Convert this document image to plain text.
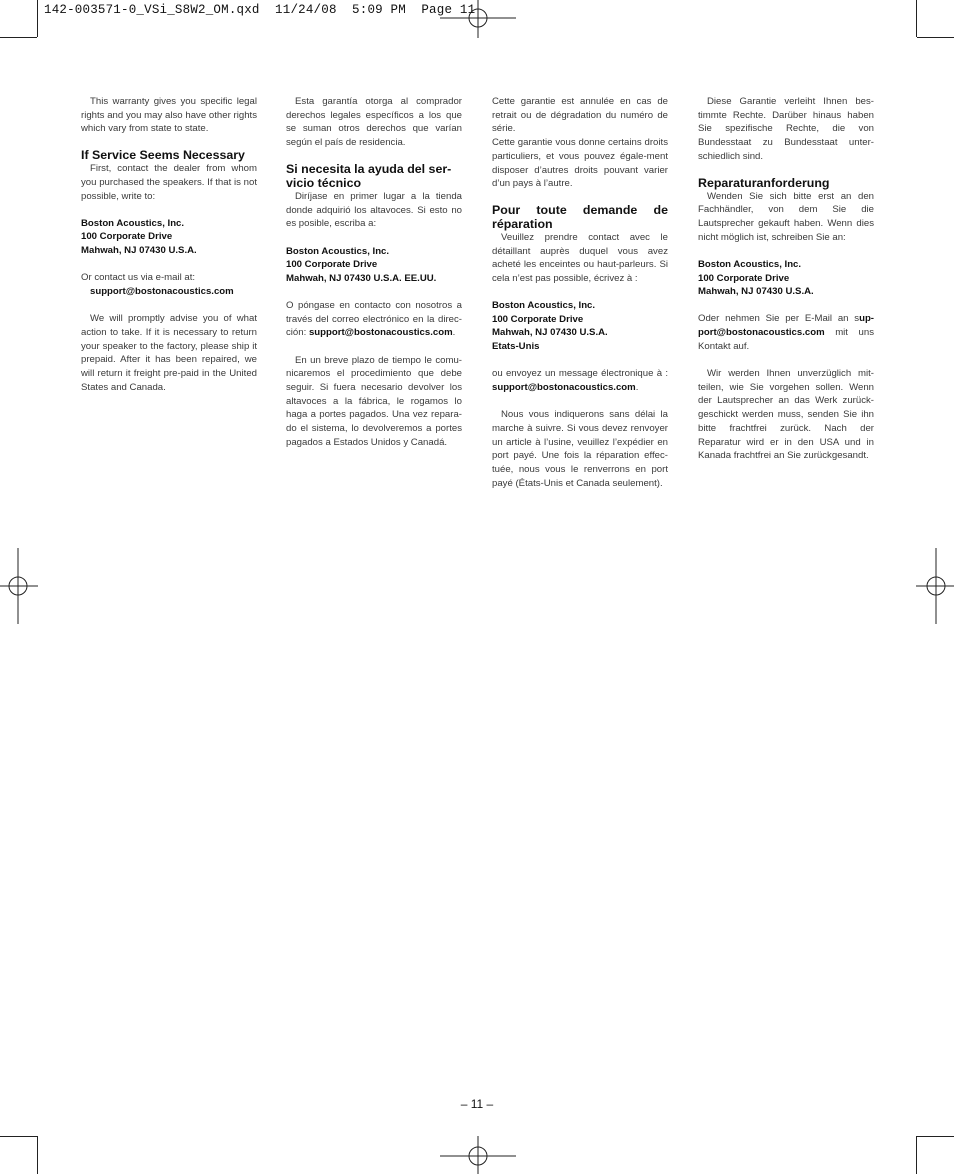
142-003571-0_VSi_S8W2_OM.qxd  11/24/08  5:09 PM  Page 11

This warranty gives you specific legal rights and you may also have other rights which vary from state to state.

If Service Seems Necessary

First, contact the dealer from whom you purchased the speakers. If that is not possible, write to:

Boston Acoustics, Inc.
100 Corporate Drive
Mahwah, NJ 07430 U.S.A.

Or contact us via e-mail at:

support@bostonacoustics.com

We will promptly advise you of what action to take. If it is necessary to return your speaker to the factory, please ship it prepaid. After it has been repaired, we will return it freight pre-paid in the United States and Canada.

Esta garantía otorga al comprador derechos legales específicos a los que se suman otros derechos que varían según el país de residencia.

Si necesita la ayuda del ser-vicio técnico

Diríjase en primer lugar a la tienda donde adquirió los altavoces. Si esto no es posible, escriba a:

Boston Acoustics, Inc.
100 Corporate Drive
Mahwah, NJ 07430 U.S.A. EE.UU.

O póngase en contacto con nosotros a través del correo electrónico en la direc-ción: support@bostonacoustics.com.

En un breve plazo de tiempo le comu-nicaremos el procedimiento que debe seguir. Si fuera necesario devolver los altavoces a la fábrica, le rogamos lo haga a portes pagados. Una vez repara-do el sistema, lo devolveremos a portes pagados a Estados Unidos y Canadá.

Cette garantie est annulée en cas de retrait ou de dégradation du numéro de série.

Cette garantie vous donne certains droits particuliers, et vous pouvez égale-ment disposer d’autres droits pouvant varier d’un pays à l’autre.

Pour toute demande de réparation

Veuillez prendre contact avec le détaillant auprès duquel vous avez acheté les enceintes ou haut-parleurs. Si cela n’est pas possible, écrivez à :

Boston Acoustics, Inc.
100 Corporate Drive
Mahwah, NJ 07430 U.S.A.
Etats-Unis

ou envoyez un message électronique à : support@bostonacoustics.com.

Nous vous indiquerons sans délai la marche à suivre. Si vous devez renvoyer un article à l’usine, veuillez l’expédier en port payé. Une fois la réparation effec-tuée, nous vous le renverrons en port payé (États-Unis et Canada seulement).

Diese Garantie verleiht Ihnen bes-timmte Rechte. Darüber hinaus haben Sie spezifische Rechte, die von Bundesstaat zu Bundesstaat unter-schiedlich sind.

Reparaturanforderung

Wenden Sie sich bitte erst an den Fachhändler, von dem Sie die Lautsprecher gekauft haben. Wenn dies nicht möglich ist, schreiben Sie an:

Boston Acoustics, Inc.
100 Corporate Drive
Mahwah, NJ 07430 U.S.A.

Oder nehmen Sie per E-Mail an sup-port@bostonacoustics.com mit uns Kontakt auf.

Wir werden Ihnen unverzüglich mit-teilen, wie Sie vorgehen sollen. Wenn der Lautsprecher an das Werk zurück-geschickt werden muss, senden Sie ihn bitte frachtfrei zurück. Nach der Reparatur wird er in den USA und in Kanada frachtfrei an Sie zurückgesandt.

– 11 –
